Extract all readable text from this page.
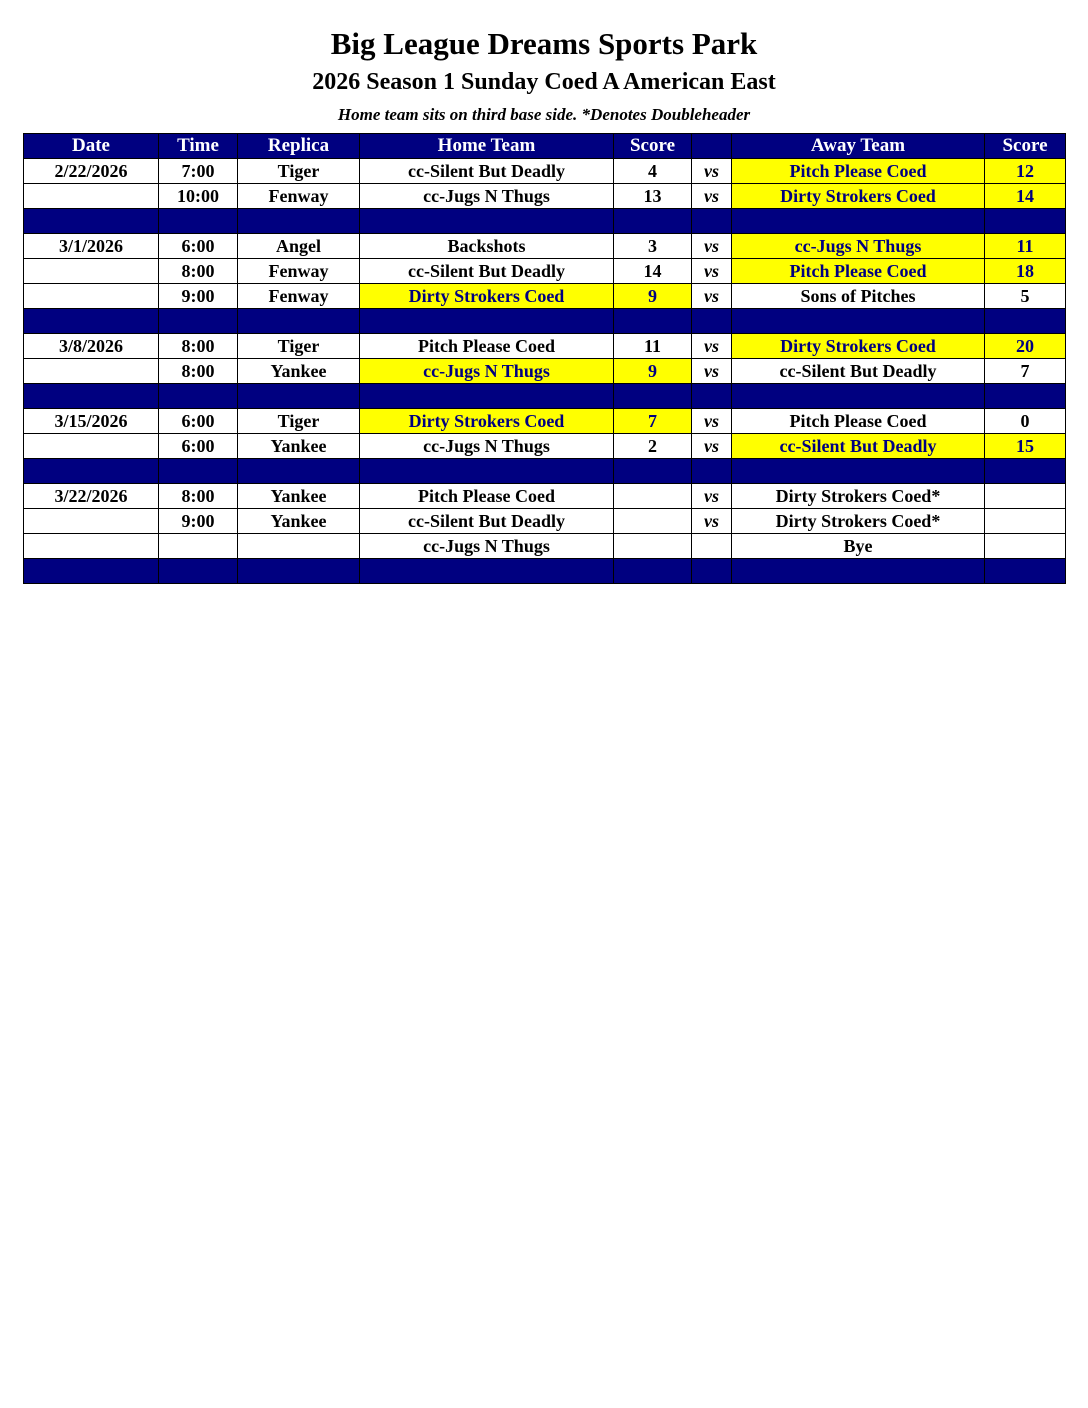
Big League Dreams Sports Park
2026 Season 1 Sunday Coed A American East
Home team sits on third base side. *Denotes Doubleheader
Date	Time	Replica	Home Team	Score		Away Team	Score
2/22/2026	7:00	Tiger	cc-Silent But Deadly	4	vs	Pitch Please Coed	12
	10:00	Fenway	cc-Jugs N Thugs	13	vs	Dirty Strokers Coed	14

3/1/2026	6:00	Angel	Backshots	3	vs	cc-Jugs N Thugs	11
	8:00	Fenway	cc-Silent But Deadly	14	vs	Pitch Please Coed	18
	9:00	Fenway	Dirty Strokers Coed	9	vs	Sons of Pitches	5

3/8/2026	8:00	Tiger	Pitch Please Coed	11	vs	Dirty Strokers Coed	20
	8:00	Yankee	cc-Jugs N Thugs	9	vs	cc-Silent But Deadly	7

3/15/2026	6:00	Tiger	Dirty Strokers Coed	7	vs	Pitch Please Coed	0
	6:00	Yankee	cc-Jugs N Thugs	2	vs	cc-Silent But Deadly	15

3/22/2026	8:00	Yankee	Pitch Please Coed		vs	Dirty Strokers Coed*	
	9:00	Yankee	cc-Silent But Deadly		vs	Dirty Strokers Coed*	
			cc-Jugs N Thugs			Bye	
